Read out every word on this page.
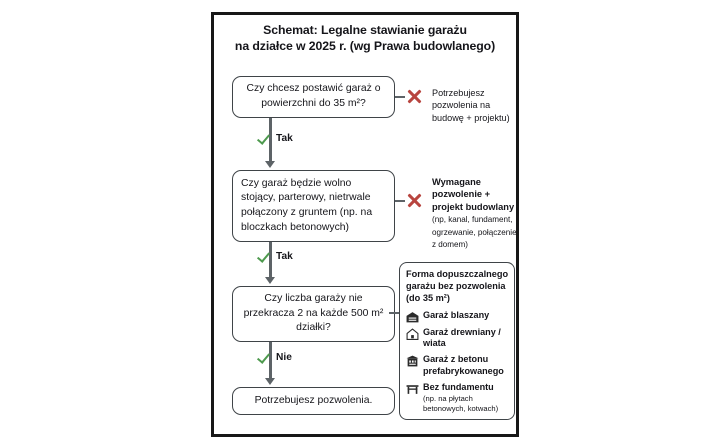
Schemat: Legalne stawianie garażu
na działce w 2025 r. (wg Prawa budowlanego)
Czy chcesz postawić garaż o powierzchni do 35 m²?
Potrzebujesz pozwolenia na budowę + projektu)
Tak
Czy garaż będzie wolno stojący, parterowy, nietrwale połączony z gruntem (np. na bloczkach betonowych)
Wymagane pozwolenie + projekt budowlany (np, kanal, fundament, ogrzewanie, połączenie z domem)
Tak
Czy liczba garaży nie przekracza 2 na każde 500 m² działki?
Nie
Potrzebujesz pozwolenia.
Forma dopuszczalnego garażu bez pozwolenia (do 35 m²)
Garaż blaszany
Garaż drewniany / wiata
Garaż z betonu prefabrykowanego
Bez fundamentu
(np. na płytach betonowych, kotwach)
